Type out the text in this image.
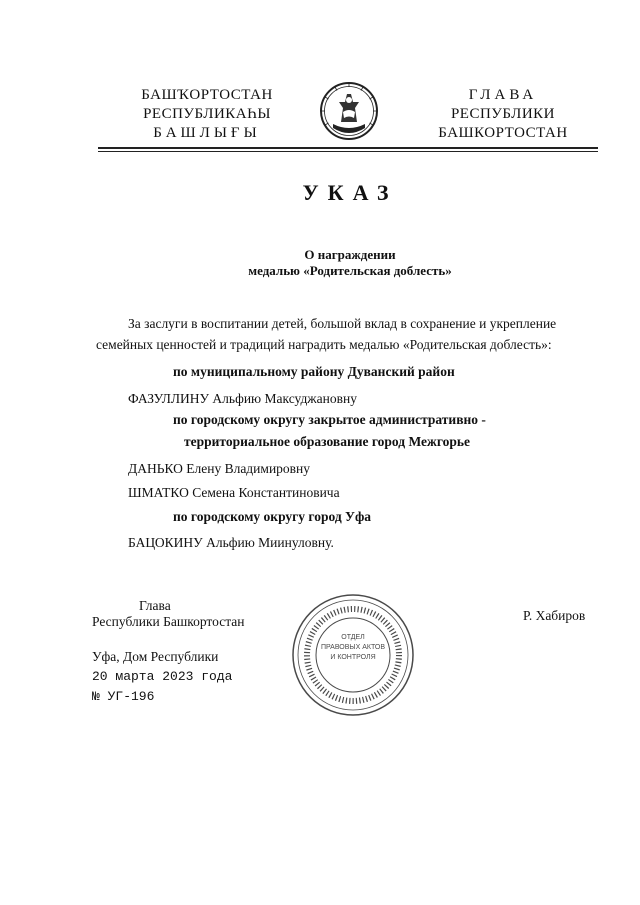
БАШҠОРТОСТАН
РЕСПУБЛИКАҺЫ
БАШЛЫҒЫ
ГЛАВА
РЕСПУБЛИКИ
БАШКОРТОСТАН
УКАЗ
О награждении
медалью «Родительская доблесть»
За заслуги в воспитании детей, большой вклад в сохранение и укрепление
семейных ценностей и традиций наградить медалью «Родительская доблесть»:
по муниципальному району Дуванский район
ФАЗУЛЛИНУ Альфию Максуджановну
по городскому округу закрытое административно -
территориальное образование город Межгорье
ДАНЬКО Елену Владимировну
ШМАТКО Семена Константиновича
по городскому округу город Уфа
БАЦОКИНУ Альфию Миинуловну.
Глава
Республики Башкортостан
ОТДЕЛ
ПРАВОВЫХ АКТОВ
И КОНТРОЛЯ
Р. Хабиров
Уфа, Дом Республики
20 марта 2023 года
№ УГ-196
